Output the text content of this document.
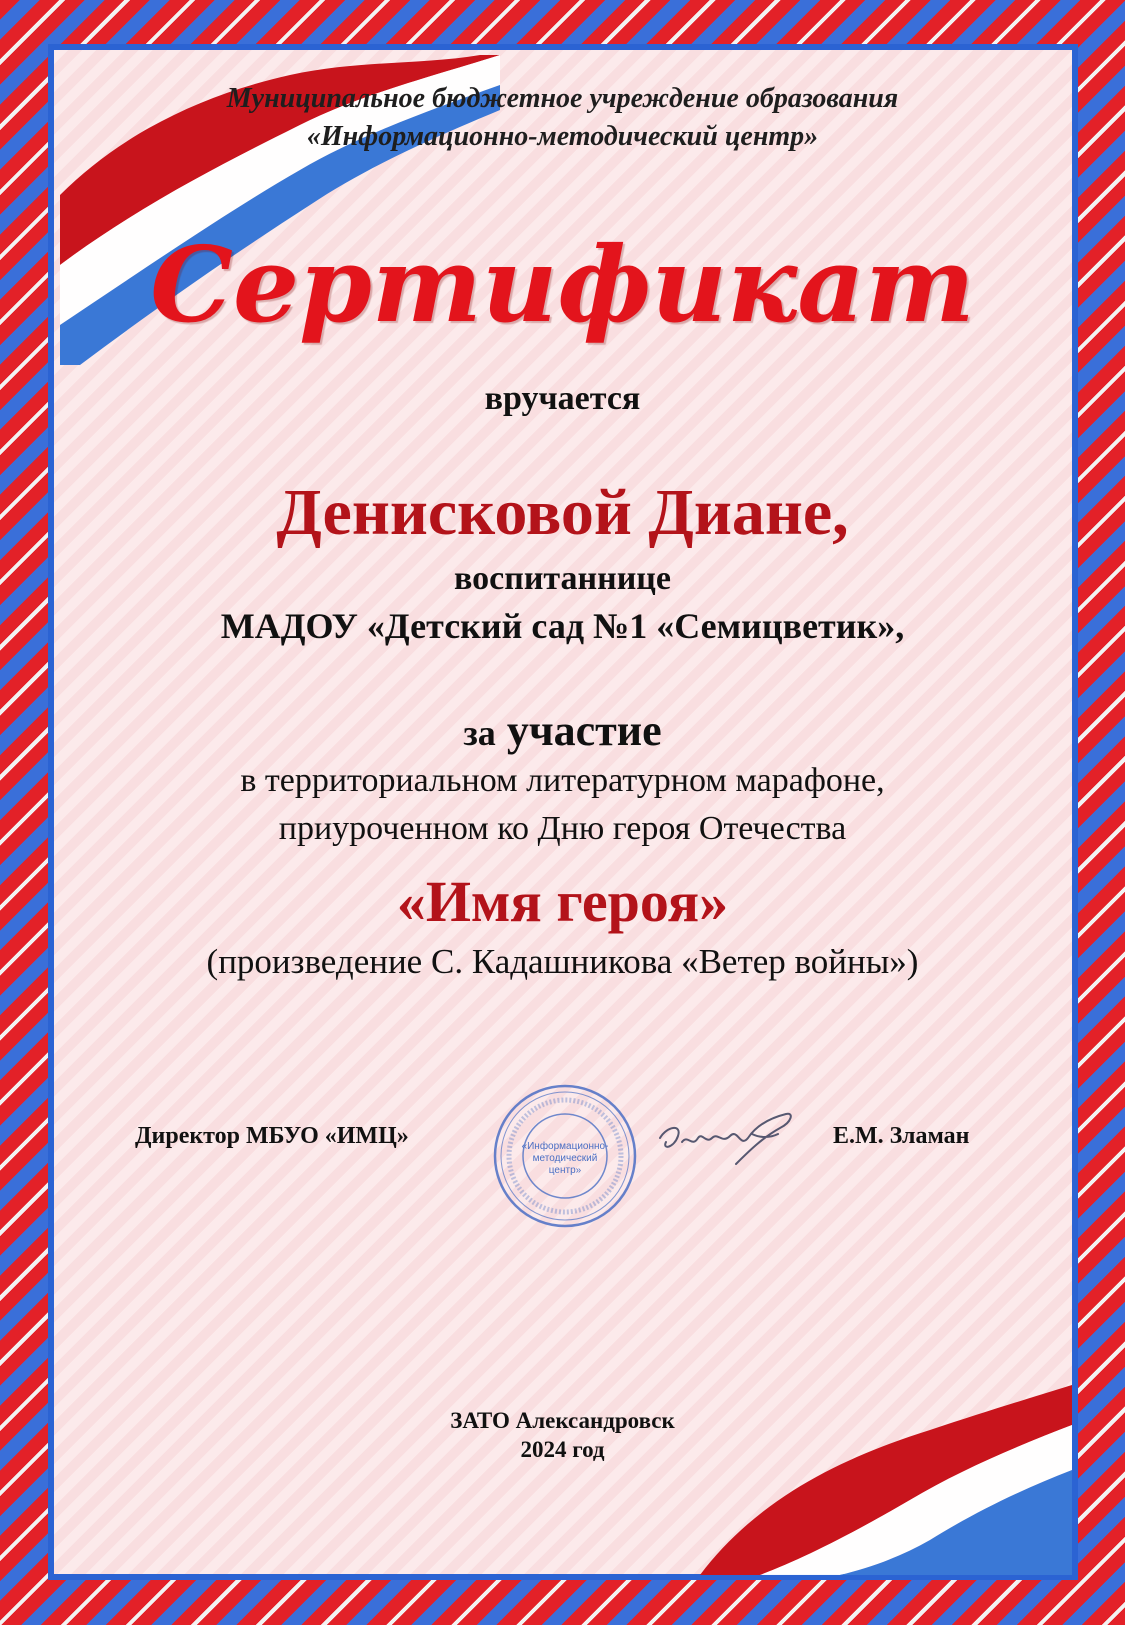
Муниципальное бюджетное учреждение образования
«Информационно-методический центр»
Сертификат
вручается
Денисковой Диане,
воспитаннице
МАДОУ «Детский сад №1 «Семицветик»,
за участие
в территориальном литературном марафоне,
приуроченном ко Дню героя Отечества
«Имя героя»
(произведение С. Кадашникова «Ветер войны»)
Директор МБУО «ИМЦ»	«Информационно-
методический
центр»
Е.М. Зламан
ЗАТО Александровск
2024 год
